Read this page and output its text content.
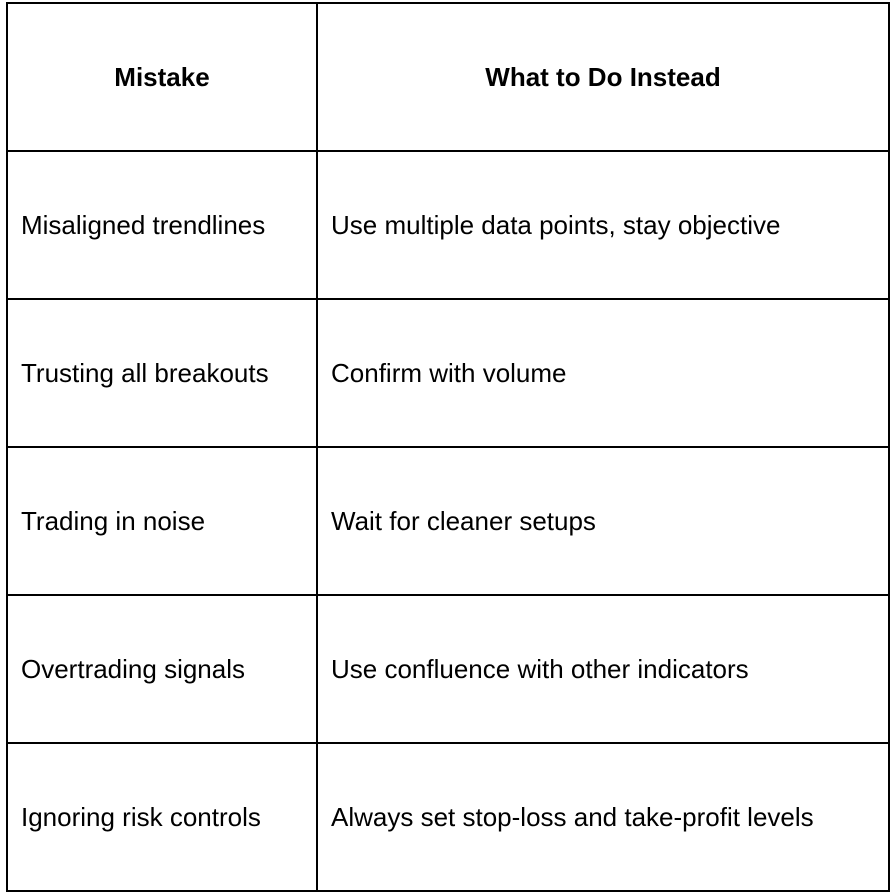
Mistake	What to Do Instead
Misaligned trendlines	Use multiple data points, stay objective
Trusting all breakouts	Confirm with volume
Trading in noise	Wait for cleaner setups
Overtrading signals	Use confluence with other indicators
Ignoring risk controls	Always set stop-loss and take-profit levels
